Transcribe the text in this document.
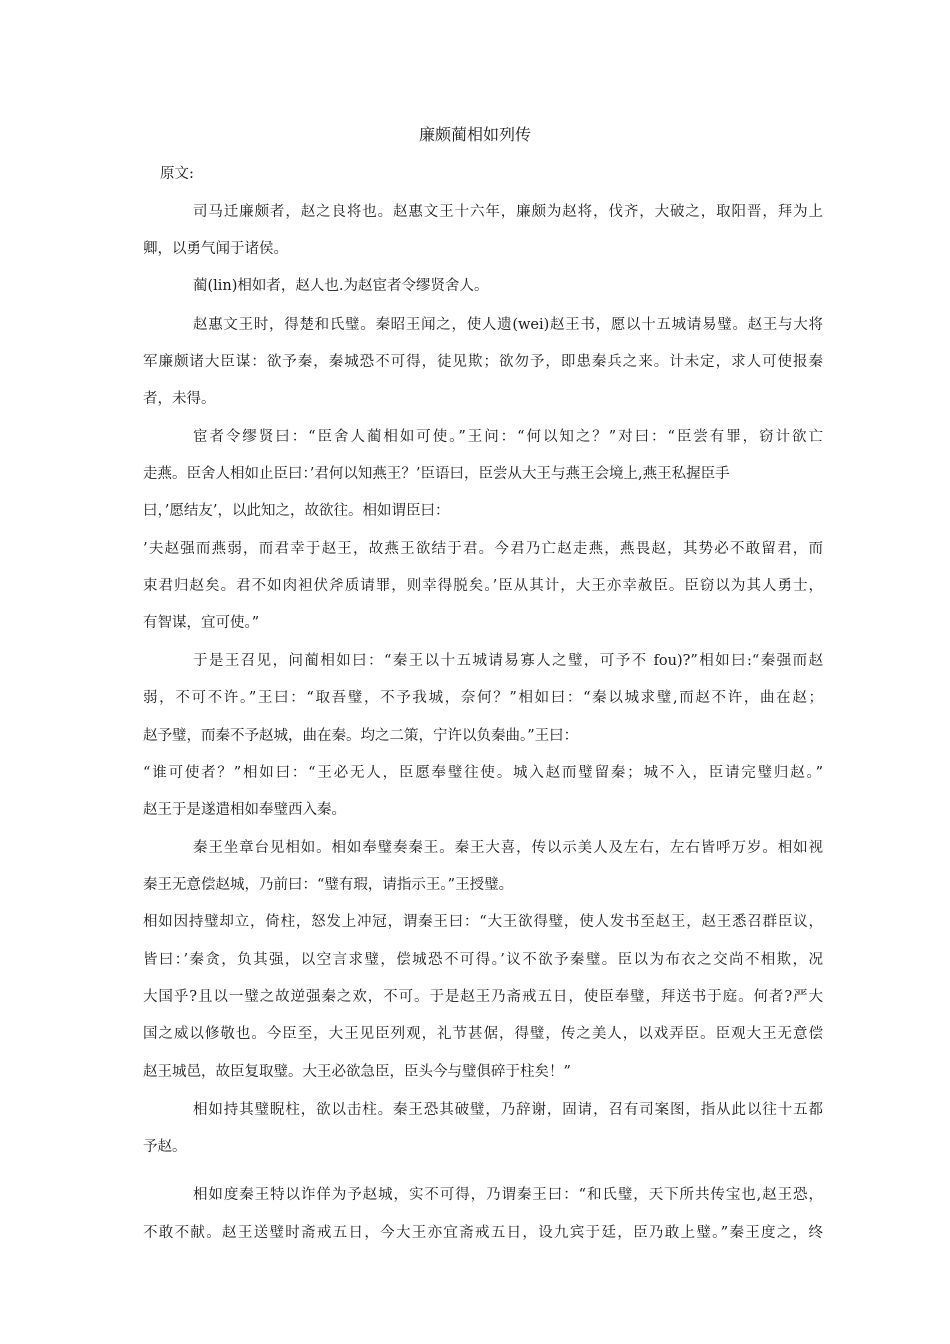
廉颇蔺相如列传
原文:
司马迁廉颇者，赵之良将也。赵惠文王十六年，廉颇为赵将，伐齐，大破之，取阳晋，拜为上
卿，以勇气闻于诸侯。
蔺(lin)相如者，赵人也.为赵宦者令缪贤舍人。
赵惠文王时，得楚和氏璧。秦昭王闻之，使人遗(wei)赵王书，愿以十五城请易璧。赵王与大将
军廉颇诸大臣谋：欲予秦，秦城恐不可得，徒见欺；欲勿予，即患秦兵之来。计未定，求人可使报秦
者，未得。
宦者令缪贤曰：“臣舍人蔺相如可使。”王问：“何以知之？”对曰：“臣尝有罪，窃计欲亡
走燕。臣舍人相如止臣曰：’君何以知燕王？’臣语曰，臣尝从大王与燕王会境上,燕王私握臣手
曰，’愿结友’，以此知之，故欲往。相如谓臣曰：
’夫赵强而燕弱，而君幸于赵王，故燕王欲结于君。今君乃亡赵走燕，燕畏赵，其势必不敢留君，而
束君归赵矣。君不如肉袒伏斧质请罪，则幸得脱矣。’臣从其计，大王亦幸赦臣。臣窃以为其人勇士，
有智谋，宜可使。”
于是王召见，问蔺相如曰：“秦王以十五城请易寡人之璧，可予不 fou)?”相如曰:“秦强而赵
弱，不可不许。”王曰：“取吾璧，不予我城，奈何？”相如曰：“秦以城求璧,而赵不许，曲在赵；
赵予璧，而秦不予赵城，曲在秦。均之二策，宁许以负秦曲。”王曰：
“谁可使者？”相如曰：“王必无人，臣愿奉璧往使。城入赵而璧留秦；城不入，臣请完璧归赵。”
赵王于是遂遣相如奉璧西入秦。
秦王坐章台见相如。相如奉璧奏秦王。秦王大喜，传以示美人及左右，左右皆呼万岁。相如视
秦王无意偿赵城，乃前曰：“璧有瑕，请指示王。”王授璧。
相如因持璧却立，倚柱，怒发上冲冠，谓秦王曰：“大王欲得璧，使人发书至赵王，赵王悉召群臣议，
皆曰：’秦贪，负其强，以空言求璧，偿城恐不可得。’议不欲予秦璧。臣以为布衣之交尚不相欺，况
大国乎?且以一璧之故逆强秦之欢，不可。于是赵王乃斋戒五日，使臣奉璧，拜送书于庭。何者?严大
国之威以修敬也。今臣至，大王见臣列观，礼节甚倨，得璧，传之美人，以戏弄臣。臣观大王无意偿
赵王城邑，故臣复取璧。大王必欲急臣，臣头今与璧俱碎于柱矣！”
相如持其璧睨柱，欲以击柱。秦王恐其破璧，乃辞谢，固请，召有司案图，指从此以往十五都
予赵。
相如度秦王特以诈佯为予赵城，实不可得，乃谓秦王曰：“和氏璧，天下所共传宝也,赵王恐，
不敢不献。赵王送璧时斋戒五日，今大王亦宜斋戒五日，设九宾于廷，臣乃敢上璧。”秦王度之，终
